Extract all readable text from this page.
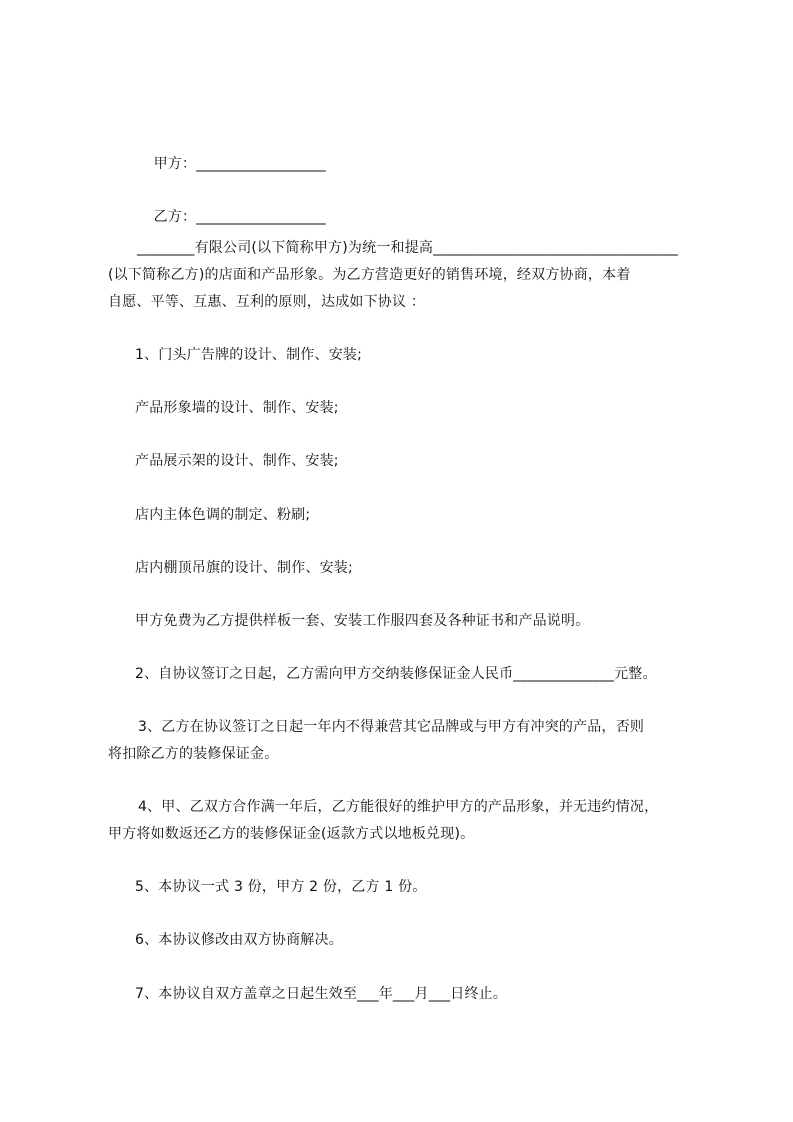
甲方：__________________

乙方：__________________

________有限公司(以下简称甲方)为统一和提高__________________________________
(以下简称乙方)的店面和产品形象。为乙方营造更好的销售环境，经双方协商，本着
自愿、平等、互惠、互利的原则，达成如下协议 ：
1、门头广告牌的设计、制作、安装;
产品形象墙的设计、制作、安装;
产品展示架的设计、制作、安装;
店内主体色调的制定、粉刷;
店内棚顶吊旗的设计、制作、安装;
甲方免费为乙方提供样板一套、安装工作服四套及各种证书和产品说明。
2、自协议签订之日起，乙方需向甲方交纳装修保证金人民币______________元整。
3、乙方在协议签订之日起一年内不得兼营其它品牌或与甲方有冲突的产品，否则
将扣除乙方的装修保证金。
4、甲、乙双方合作满一年后，乙方能很好的维护甲方的产品形象，并无违约情况，
甲方将如数返还乙方的装修保证金(返款方式以地板兑现)。
5、本协议一式 3 份，甲方 2 份，乙方 1 份。
6、本协议修改由双方协商解决。
7、本协议自双方盖章之日起生效至___年___月___日终止。
